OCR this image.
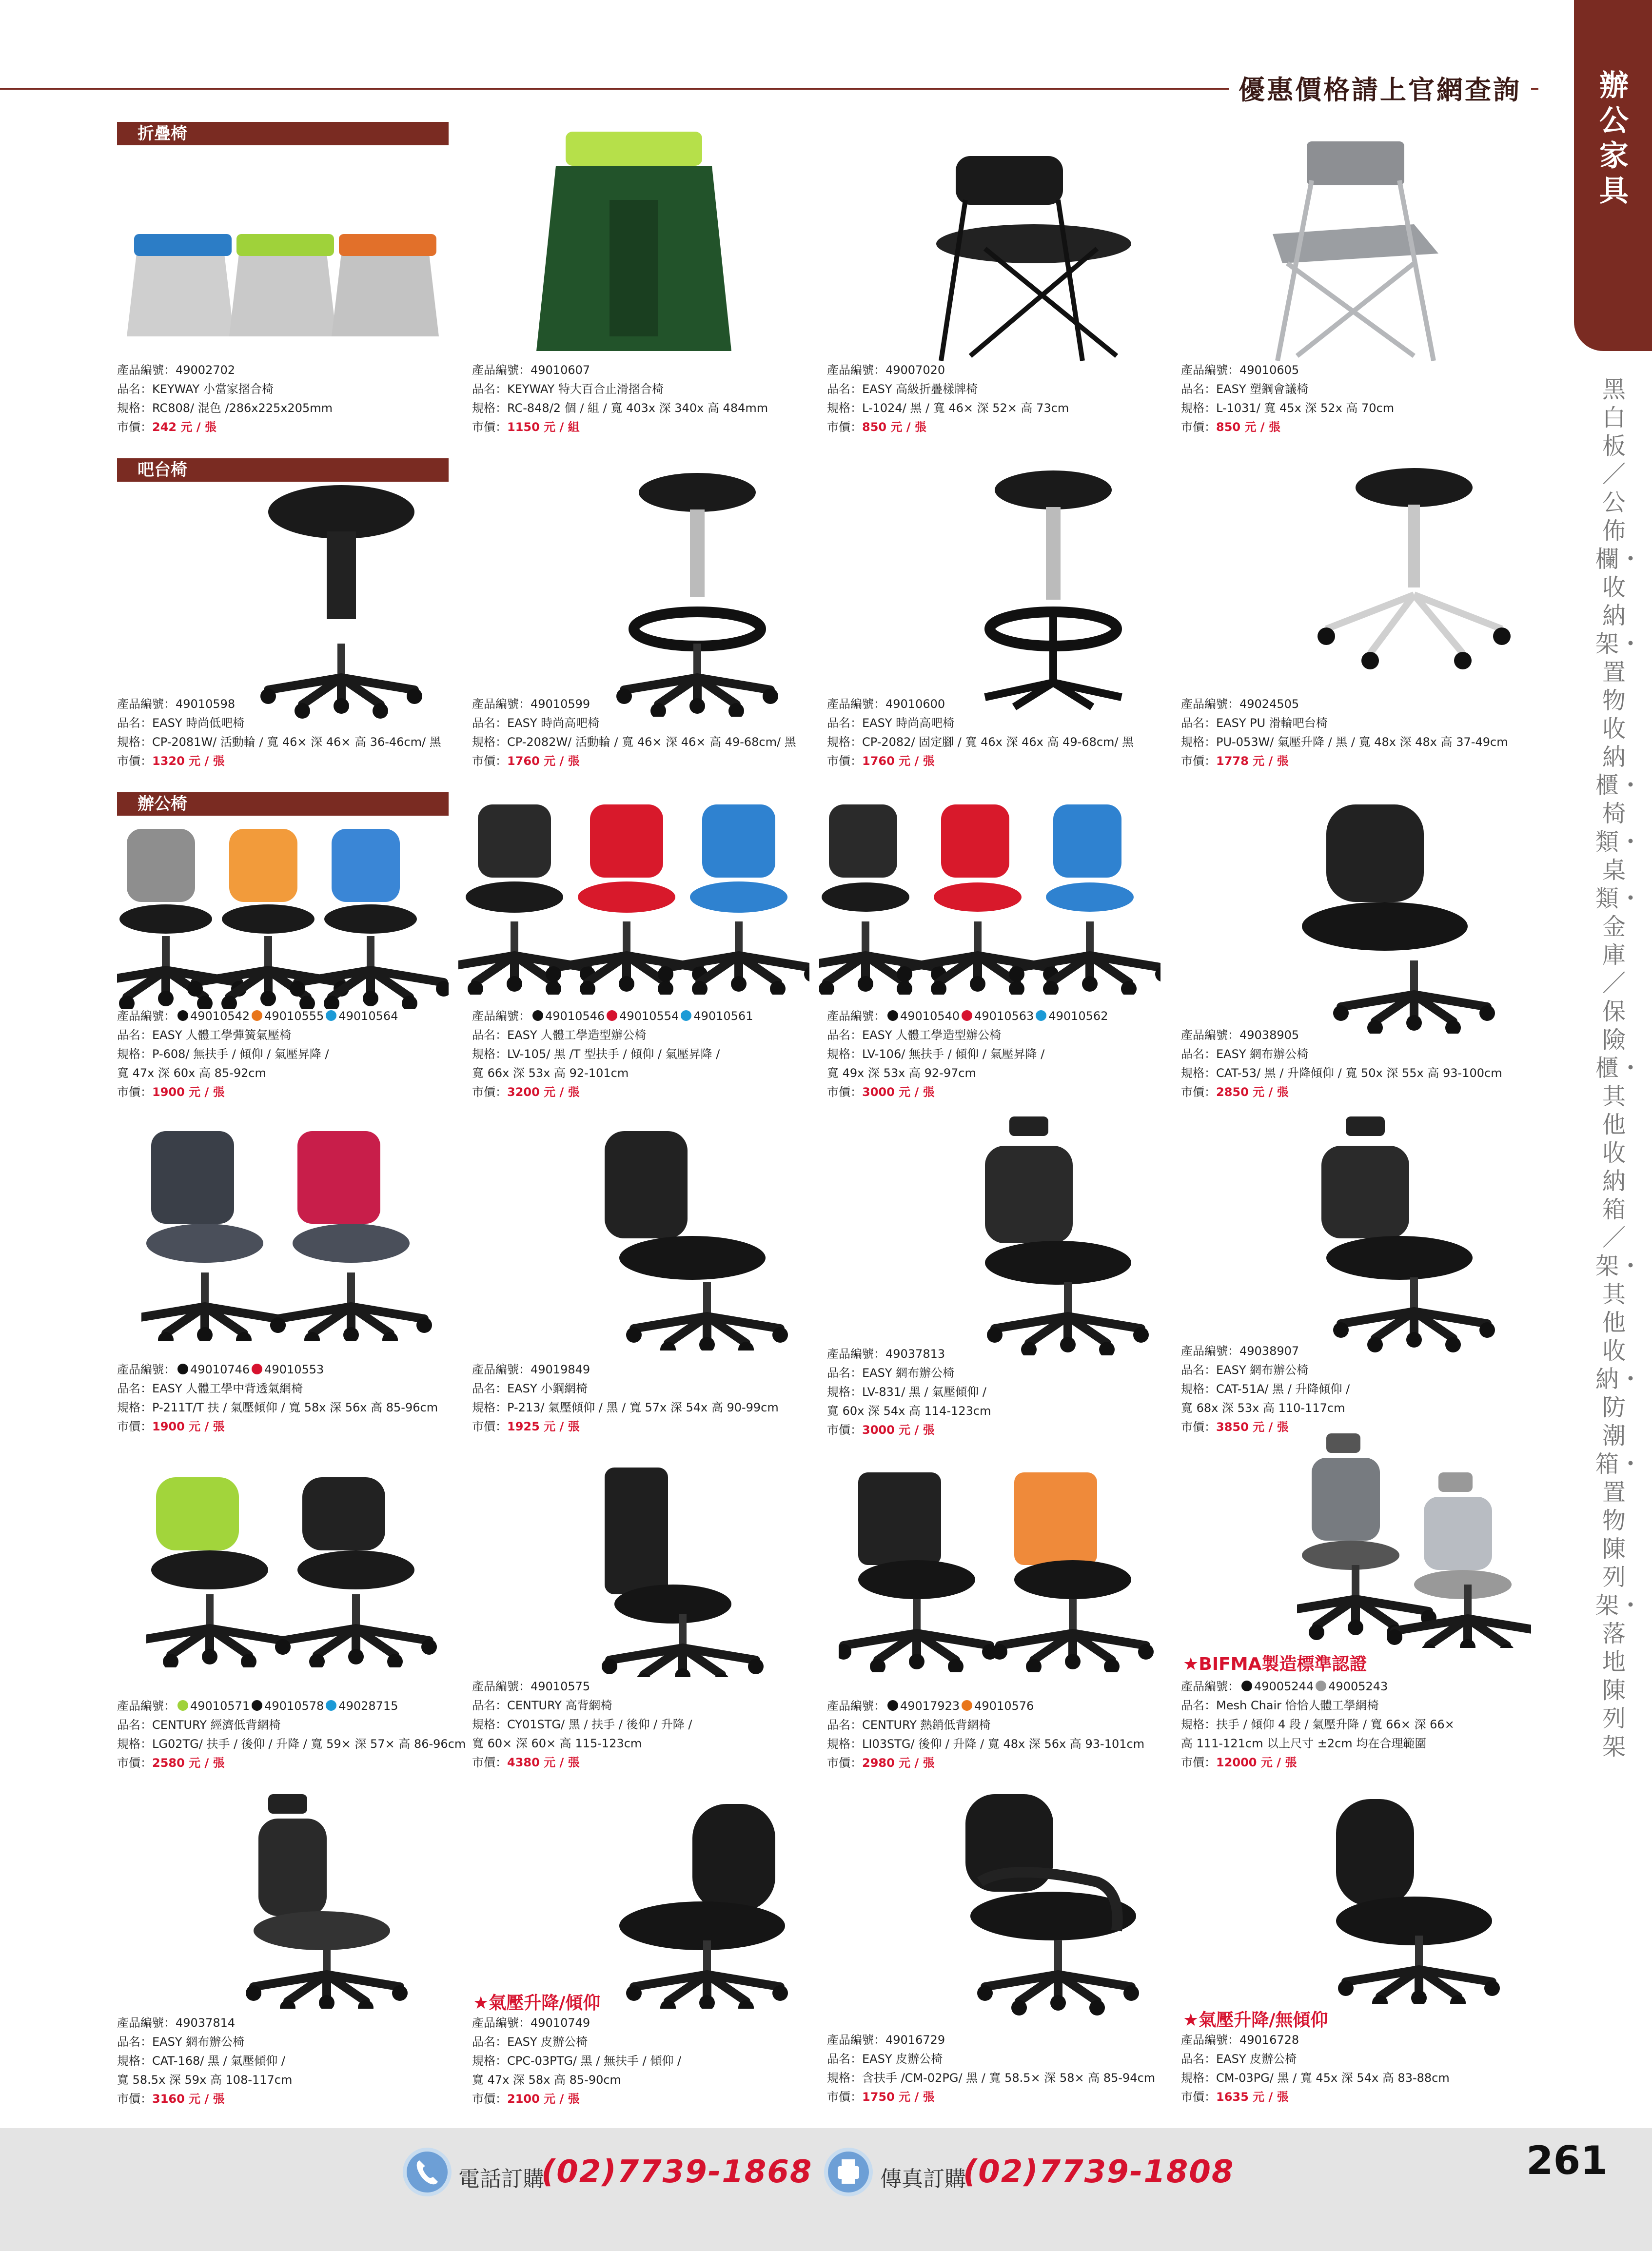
優惠價格請上官網查詢	辦公家具
黑白板／公佈欄・收納架・置物收納櫃・椅類・桌類・金庫／保險櫃・其他收納箱／架・其他收納・防潮箱・置物陳列架・落地陳列架
折疊椅
吧台椅
辦公椅
產品編號：49002702
品名：KEYWAY 小當家摺合椅
規格：RC808/ 混色 /286x225x205mm
市價：242 元 / 張
產品編號：49010607
品名：KEYWAY 特大百合止滑摺合椅
規格：RC-848/2 個 / 組 / 寬 403x 深 340x 高 484mm
市價：1150 元 / 組
產品編號：49007020
品名：EASY 高級折疊樣牌椅
規格：L-1024/ 黑 / 寬 46× 深 52× 高 73cm
市價：850 元 / 張
產品編號：49010605
品名：EASY 塑鋼會議椅
規格：L-1031/ 寬 45x 深 52x 高 70cm
市價：850 元 / 張
產品編號：49010598
品名：EASY 時尚低吧椅
規格：CP-2081W/ 活動輪 / 寬 46× 深 46× 高 36-46cm/ 黑
市價：1320 元 / 張
產品編號：49010599
品名：EASY 時尚高吧椅
規格：CP-2082W/ 活動輪 / 寬 46× 深 46× 高 49-68cm/ 黑
市價：1760 元 / 張
產品編號：49010600
品名：EASY 時尚高吧椅
規格：CP-2082/ 固定腳 / 寬 46x 深 46x 高 49-68cm/ 黑
市價：1760 元 / 張
產品編號：49024505
品名：EASY PU 滑輪吧台椅
規格：PU-053W/ 氣壓升降 / 黑 / 寬 48x 深 48x 高 37-49cm
市價：1778 元 / 張
產品編號： 49010542 49010555 49010564
品名：EASY 人體工學彈簧氣壓椅
規格：P-608/ 無扶手 / 傾仰 / 氣壓昇降 /
寬 47x 深 60x 高 85-92cm
市價：1900 元 / 張
產品編號： 49010546 49010554 49010561
品名：EASY 人體工學造型辦公椅
規格：LV-105/ 黑 /T 型扶手 / 傾仰 / 氣壓昇降 /
寬 66x 深 53x 高 92-101cm
市價：3200 元 / 張
產品編號： 49010540 49010563 49010562
品名：EASY 人體工學造型辦公椅
規格：LV-106/ 無扶手 / 傾仰 / 氣壓昇降 /
寬 49x 深 53x 高 92-97cm
市價：3000 元 / 張
產品編號：49038905
品名：EASY 網布辦公椅
規格：CAT-53/ 黑 / 升降傾仰 / 寬 50x 深 55x 高 93-100cm
市價：2850 元 / 張
產品編號： 49010746 49010553
品名：EASY 人體工學中背透氣網椅
規格：P-211T/T 扶 / 氣壓傾仰 / 寬 58x 深 56x 高 85-96cm
市價：1900 元 / 張
產品編號：49019849
品名：EASY 小鋼網椅
規格：P-213/ 氣壓傾仰 / 黑 / 寬 57x 深 54x 高 90-99cm
市價：1925 元 / 張
產品編號：49037813
品名：EASY 網布辦公椅
規格：LV-831/ 黑 / 氣壓傾仰 /
寬 60x 深 54x 高 114-123cm
市價：3000 元 / 張
產品編號：49038907
品名：EASY 網布辦公椅
規格：CAT-51A/ 黑 / 升降傾仰 /
寬 68x 深 53x 高 110-117cm
市價：3850 元 / 張
產品編號： 49010571 49010578 49028715
品名：CENTURY 經濟低背網椅
規格：LG02TG/ 扶手 / 後仰 / 升降 / 寬 59× 深 57× 高 86-96cm
市價：2580 元 / 張
產品編號：49010575
品名：CENTURY 高背網椅
規格：CY01STG/ 黑 / 扶手 / 後仰 / 升降 /
寬 60× 深 60× 高 115-123cm
市價：4380 元 / 張
產品編號： 49017923 49010576
品名：CENTURY 熱銷低背網椅
規格：LI03STG/ 後仰 / 升降 / 寬 48x 深 56x 高 93-101cm
市價：2980 元 / 張
★BIFMA製造標準認證
產品編號： 49005244 49005243
品名：Mesh Chair 恰恰人體工學網椅
規格：扶手 / 傾仰 4 段 / 氣壓升降 / 寬 66× 深 66×
高 111-121cm 以上尺寸 ±2cm 均在合理範圍
市價：12000 元 / 張
產品編號：49037814
品名：EASY 網布辦公椅
規格：CAT-168/ 黑 / 氣壓傾仰 /
寬 58.5x 深 59x 高 108-117cm
市價：3160 元 / 張
★氣壓升降/傾仰
產品編號：49010749
品名：EASY 皮辦公椅
規格：CPC-03PTG/ 黑 / 無扶手 / 傾仰 /
寬 47x 深 58x 高 85-90cm
市價：2100 元 / 張
產品編號：49016729
品名：EASY 皮辦公椅
規格：含扶手 /CM-02PG/ 黑 / 寬 58.5× 深 58× 高 85-94cm
市價：1750 元 / 張
★氣壓升降/無傾仰
產品編號：49016728
品名：EASY 皮辦公椅
規格：CM-03PG/ 黑 / 寬 45x 深 54x 高 83-88cm
市價：1635 元 / 張
電話訂購
(02)7739-1868	傳真訂購
(02)7739-1808	261
